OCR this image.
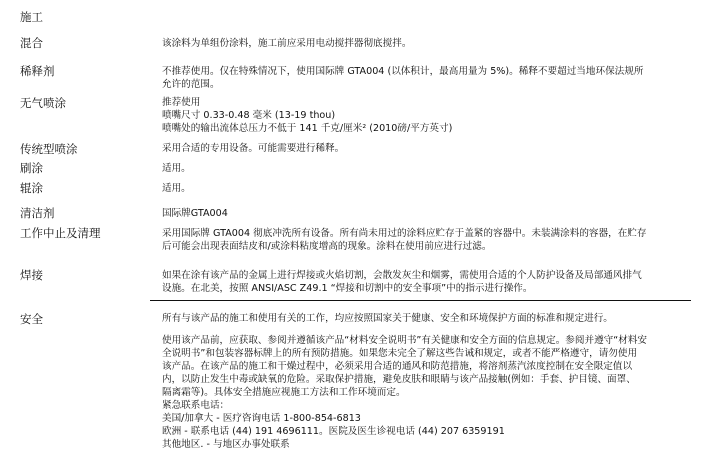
施工
混合	该涂料为单组份涂料，施工前应采用电动搅拌器彻底搅拌。
稀释剂	不推荐使用。仅在特殊情况下，使用国际牌 GTA004 (以体积计，最高用量为 5%)。稀释不要超过当地环保法规所
允许的范围。
无气喷涂	推荐使用
喷嘴尺寸 0.33-0.48 毫米 (13-19 thou)
喷嘴处的输出流体总压力不低于 141 千克/厘米² (2010磅/平方英寸)
传统型喷涂	采用合适的专用设备。可能需要进行稀释。
刷涂	适用。
辊涂	适用。
清洁剂	国际牌GTA004
工作中止及清理	采用国际牌 GTA004 彻底冲洗所有设备。所有尚未用过的涂料应贮存于盖紧的容器中。未装满涂料的容器，在贮存
后可能会出现表面结皮和/或涂料粘度增高的现象。涂料在使用前应进行过滤。
焊接	如果在涂有该产品的金属上进行焊接或火焰切割，会散发灰尘和烟雾，需使用合适的个人防护设备及局部通风排气
设施。在北美，按照 ANSI/ASC Z49.1 “焊接和切割中的安全事项”中的指示进行操作。
安全	所有与该产品的施工和使用有关的工作，均应按照国家关于健康、安全和环境保护方面的标准和规定进行。
使用该产品前，应获取、参阅并遵循该产品“材料安全说明书”有关健康和安全方面的信息规定。参阅并遵守“材料安
全说明书”和包装容器标牌上的所有预防措施。如果您未完全了解这些告诫和规定，或者不能严格遵守，请勿使用
该产品。在该产品的施工和干燥过程中，必须采用合适的通风和防范措施，将溶剂蒸汽浓度控制在安全限定值以
内，以防止发生中毒或缺氧的危险。采取保护措施，避免皮肤和眼睛与该产品接触(例如：手套、护目镜、面罩、
隔离霜等)。具体安全措施应视施工方法和工作环境而定。
紧急联系电话：
美国/加拿大 - 医疗咨询电话 1-800-854-6813
欧洲 - 联系电话 (44) 191 4696111。医院及医生诊视电话 (44) 207 6359191
其他地区. - 与地区办事处联系
